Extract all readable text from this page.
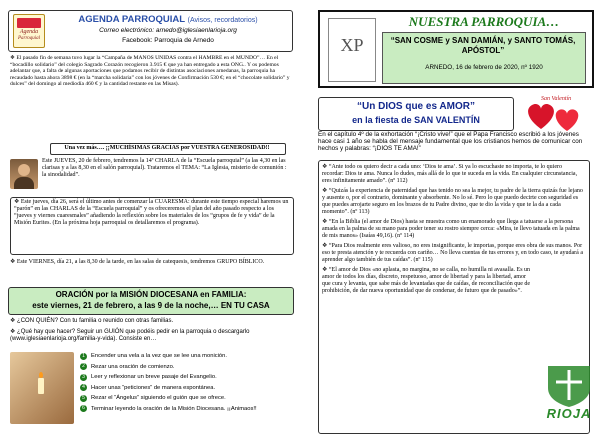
Agenda
Parroquial
AGENDA PARROQUIAL (Avisos, recordatorios)
Correo electrónico: arnedo@iglesiaenlarioja.org
Facebook: Parroquia de Arnedo
❖ El pasado fin de semana tuvo lugar la “Campaña de MANOS UNIDAS contra el HAMBRE en el MUNDO”… En el “bocadillo solidario” del colegio Sagrado Corazón recogieron 3.915 € que ya han entregado a esta ONG.. Y os podemos adelantar que, a falta de algunas aportaciones que podamos recibir de distintas asociaciones arnedanas, la parroquia ha recaudado hasta ahora 3898 € (en la “marcha solidaria” con los jóvenes de Confirmación 530 €; en el “chocolate solidario” y dulces” del domingo al mediodía 460 € y la cantidad restante en las Misas).
Una vez más…. ¡¡MUCHÍSIMAS GRACIAS por VUESTRA GENEROSIDAD!!
Este JUEVES, 20 de febrero, tendremos la 14ª CHARLA de la “Escuela parroquial” (a las 4,30 en las clarisas y a las 8,30 en el salón parroquial). Trataremos el TEMA: “La Iglesia, misterio de comunión : la sinodalidad”.
❖ Este jueves, día 26, será el último antes de comenzar la CUARESMA: durante este tiempo especial haremos un “parón” en las CHARLAS de la “Escuela parroquial” y os ofreceremos el plan del año pasado respecto a los “jueves y viernes cuaresmales” añadiendo la reflexión sobre los materiales de los “grupos de fe y vida” de la Misión Eurites. (En la próxima hoja parroquial os detallaremos el programa).
❖ Este VIERNES, día 21, a las 8,30 de la tarde, en las salas de catequesis, tendremos GRUPO BÍBLICO.
ORACIÓN por la MISIÓN DIOCESANA en FAMILIA:
este viernes, 21 de febrero, a las 9 de la noche,… EN TU CASA
❖ ¿CON QUIÉN? Con tu familia o reunido con otras familias.
❖ ¿Qué hay que hacer? Seguir un GUIÓN que podéis pedir en la parroquia o descargarlo (www.iglesiaenlarioja.org/familia-y-vida). Consiste en…
1	Encender una vela a la vez que se lee una monición.
2	Rezar una oración de comienzo.
3	Leer y reflexionar un breve pasaje del Evangelio.
4	Hacer unas “peticiones” de manera espontánea.
5	Rezar el “Ángelus” siguiendo el guión que se ofrece.
6	Terminar leyendo la oración de la Misión Diocesana. ¡¡Animaos!!
XP
NUESTRA PARROQUIA…
“SAN COSME y SAN DAMIÁN, y SANTO TOMÁS, APÓSTOL”
ARNEDO, 16 de febrero de 2020, nº 1920
“Un DIOS que es AMOR”
en la fiesta de SAN VALENTÍN
San Valentín
En el capítulo 4º de la exhortación “¡Cristo vive!” que el Papa Francisco escribió a los jóvenes hace casi 1 año se habla del mensaje fundamental que los cristianos hemos de comunicar con hechos y palabras: “¡DIOS TE AMA!”
❖ “Ante todo os quiero decir a cada uno: ‘Dios te ama’. Si ya lo escuchaste no importa, te lo quiero recordar: Dios te ama. Nunca lo dudes, más allá de lo que te suceda en la vida. En cualquier circunstancia, eres infinitamente amado”. (nº 112)
❖ “Quizás la experiencia de paternidad que has tenido no sea la mejor, tu padre de la tierra quizás fue lejano y ausente o, por el contrario, dominante y absorbente. No lo sé. Pero lo que puedo decirte con seguridad es que puedes arrojarte seguro en los brazos de tu Padre divino, que te dio la vida y que te la da a cada momento”. (nº 113)
❖ “En la Biblia (el amor de Dios) hasta se muestra como un enamorado que llega a tatuarse a la persona amada en la palma de su mano para poder tener su rostro siempre cerca: «Mira, te llevo tatuada en la palma de mis manos» (Isaías 49,16). (nº 114)
❖ “Para Dios realmente eres valioso, no eres insignificante, le importas, porque eres obra de sus manos. Por eso te presta atención y te recuerda con cariño… No lleva cuentas de tus errores y, en todo caso, te ayudará a aprender algo también de tus caídas”. (nº 115)
❖ “El amor de Dios «no aplasta, no margina, no se calla, no humilla ni avasalla. Es un amor de todos los días, discreto, respetuoso, amor de libertad y para la libertad, amor que cura y levanta, que sabe más de levantadas que de caídas, de reconciliación que de prohibición, de dar nueva oportunidad que de condenar, de futuro que de pasado»”.
RIOJA
